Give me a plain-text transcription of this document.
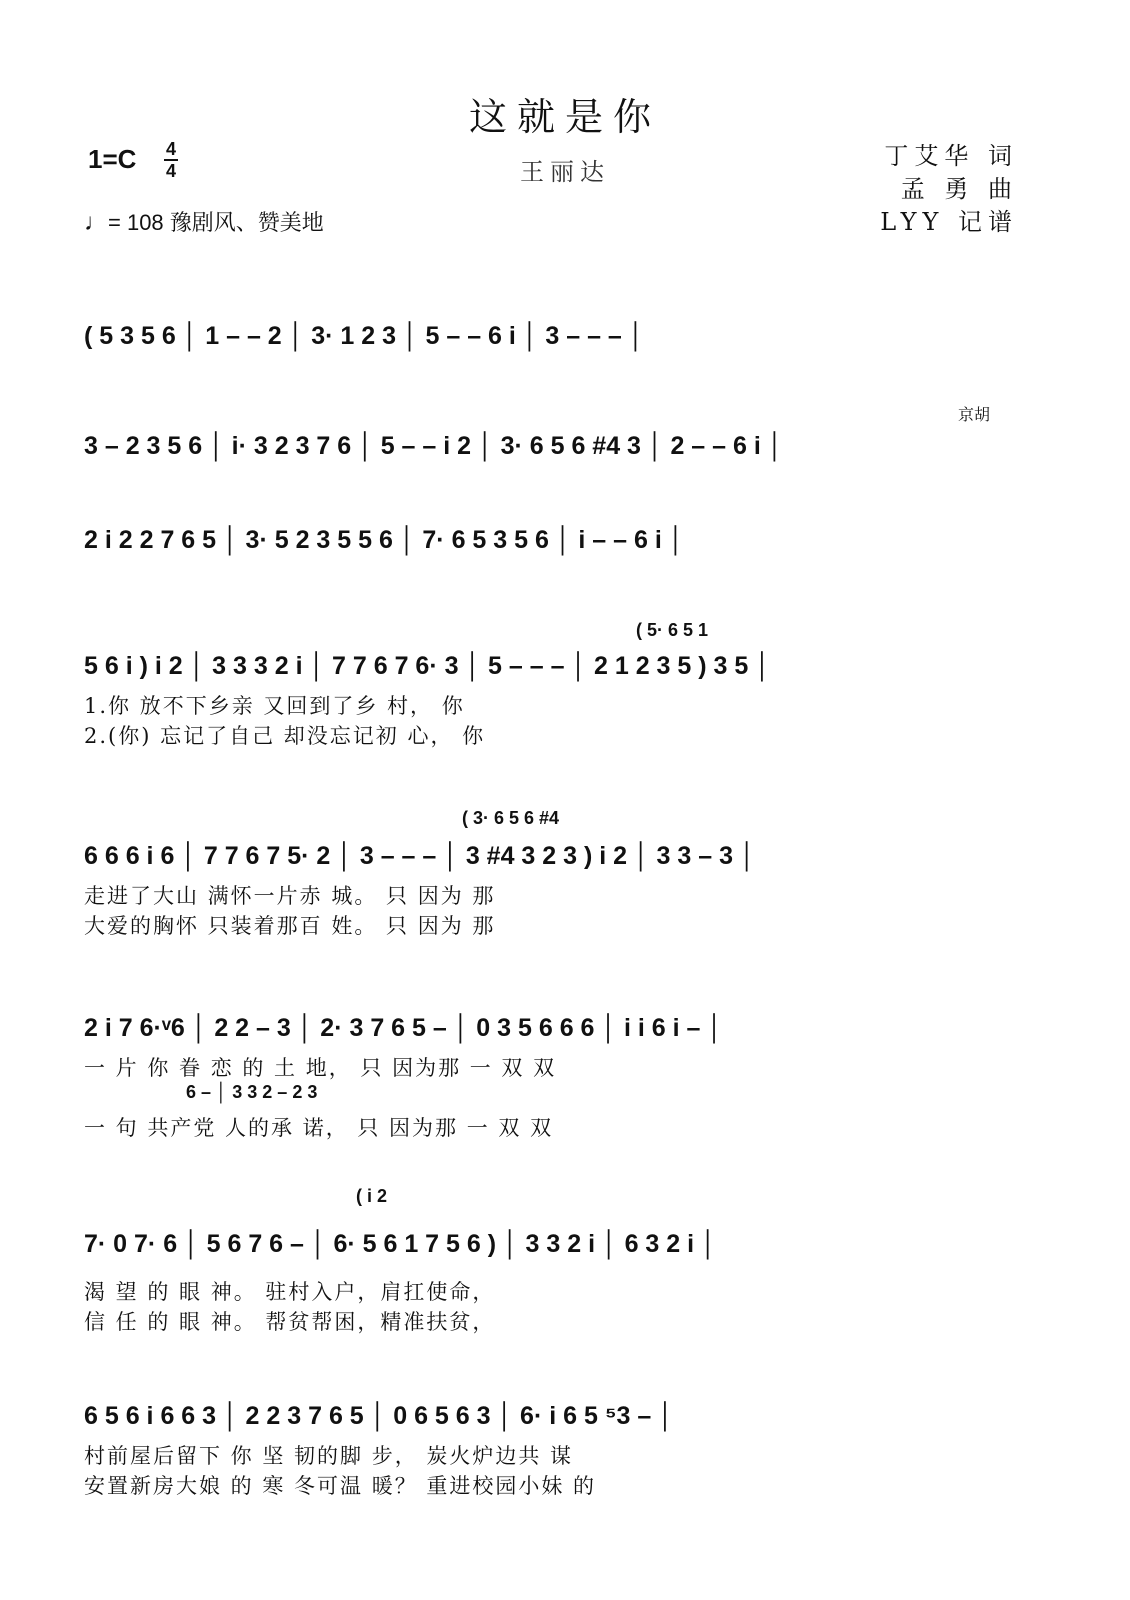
这就是你
王丽达
1=C 4
4
♩= 108 豫剧风、赞美地
丁艾华 词
孟 勇 曲
LYY 记谱
( 5 3 5 6 │ 1 – – 2 │ 3· 1 2 3 │ 5 – – 6 i │ 3 – – – │
京胡
3 – 2 3 5 6 │ i· 3 2 3 7 6 │ 5 – – i 2 │ 3· 6 5 6 #4 3 │ 2 – – 6 i │
2 i 2 2 7 6 5 │ 3· 5 2 3 5 5 6 │ 7· 6 5 3 5 6 │ i – – 6 i │
( 5· 6 5 1
5 6 i ) i 2 │ 3 3 3 2 i │ 7 7 6 7 6· 3 │ 5 – – – │ 2 1 2 3 5 ) 3 5 │
1.你 放不下乡亲 又回到了乡 村， 你
2.(你) 忘记了自己 却没忘记初 心， 你
( 3· 6 5 6 #4
6 6 6 i 6 │ 7 7 6 7 5· 2 │ 3 – – – │ 3 #4 3 2 3 ) i 2 │ 3 3 – 3 │
走进了大山 满怀一片赤 城。 只 因为 那
大爱的胸怀 只装着那百 姓。 只 因为 那
2 i 7 6·ᵛ6 │ 2 2 – 3 │ 2· 3 7 6 5 – │ 0 3 5 6 6 6 │ i i 6 i – │
一 片 你 眷 恋 的 土 地， 只 因为那 一 双 双
6 – │ 3 3 2 – 2 3
一 句 共产党 人的承 诺， 只 因为那 一 双 双
( i 2
7· 0 7· 6 │ 5 6 7 6 – │ 6· 5 6 1 7 5 6 ) │ 3 3 2 i │ 6 3 2 i │
渴 望 的 眼 神。 驻村入户，肩扛使命，
信 任 的 眼 神。 帮贫帮困，精准扶贫，
6 5 6 i 6 6 3 │ 2 2 3 7 6 5 │ 0 6 5 6 3 │ 6· i 6 5 ⁵3 – │
村前屋后留下 你 坚 韧的脚 步， 炭火炉边共 谋
安置新房大娘 的 寒 冬可温 暖？ 重进校园小妹 的
